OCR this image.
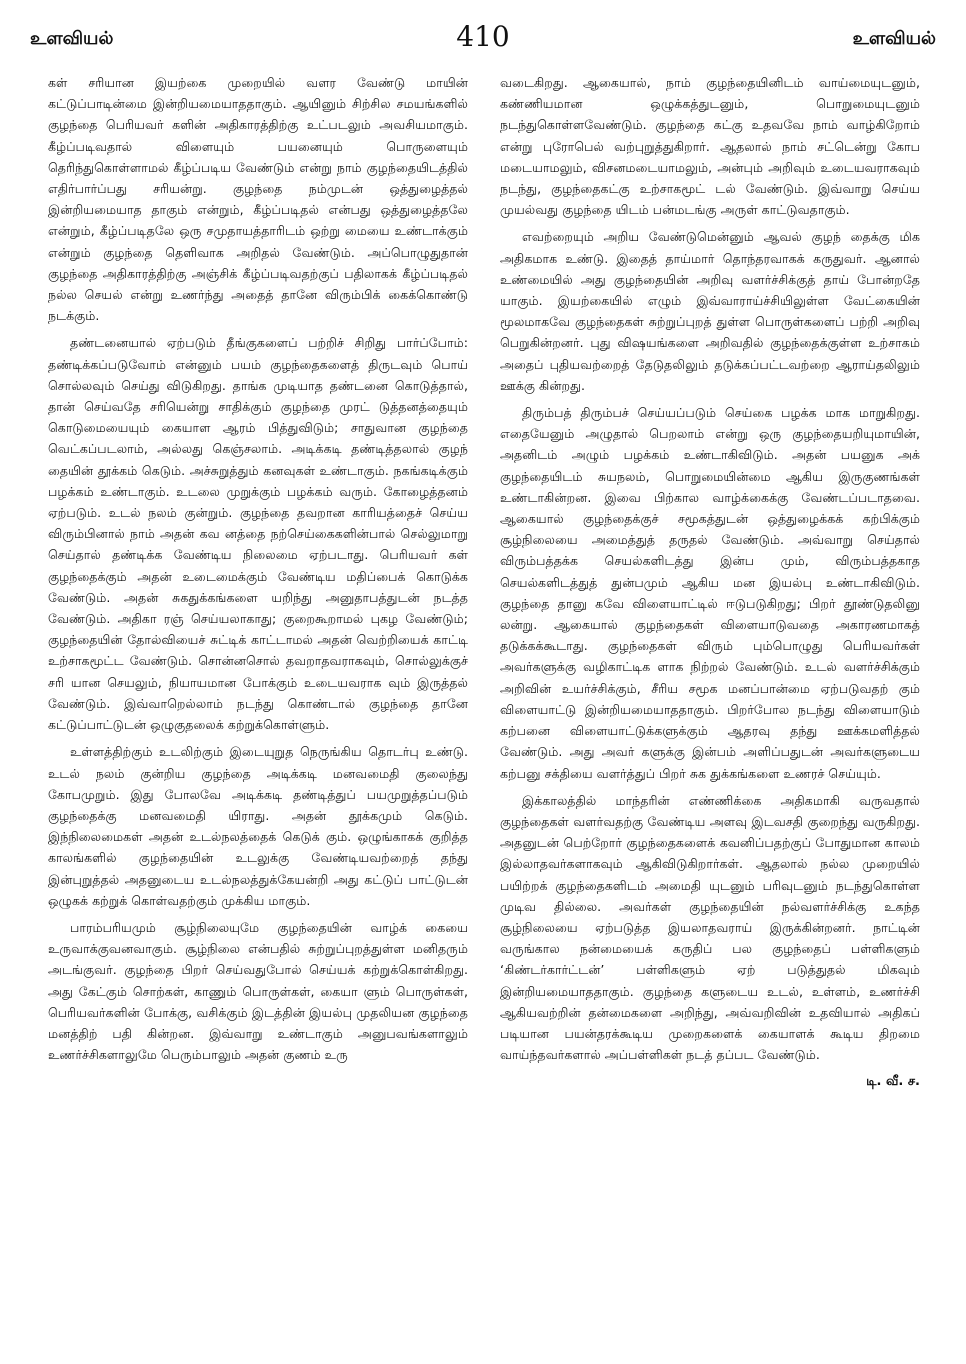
உளவியல்	410	உளவியல்

கள் சரியான இயற்கை முறையில் வளர வேண்டு மாயின் கட்டுப்பாடின்மை இன்றியமையாததாகும். ஆயினும் சிற்சில சமயங்களில் குழந்தை பெரியவர் களின் அதிகாரத்திற்கு உட்படலும் அவசியமாகும். கீழ்ப்படிவதால் விளையும் பயனையும் பொருளையும் தெரிந்துகொள்ளாமல் கீழ்ப்படிய வேண்டும் என்று நாம் குழந்தையிடத்தில் எதிர்பார்ப்பது சரியன்று. குழந்தை நம்முடன் ஒத்துழைத்தல் இன்றியமையாத தாகும் என்றும், கீழ்ப்படிதல் என்பது ஒத்துழைத்தலே என்றும், கீழ்ப்படிதலே ஒரு சமுதாயத்தாரிடம் ஒற்று மையை உண்டாக்கும் என்றும் குழந்தை தெளிவாக அறிதல் வேண்டும். அப்பொழுதுதான் குழந்தை அதிகாரத்திற்கு அஞ்சிக் கீழ்ப்படிவதற்குப் பதிலாகக் கீழ்ப்படிதல் நல்ல செயல் என்று உணர்ந்து அதைத் தானே விரும்பிக் கைக்கொண்டு நடக்கும்.

தண்டனையால் ஏற்படும் தீங்குகளைப் பற்றிச் சிறிது பார்ப்போம்: தண்டிக்கப்படுவோம் என்னும் பயம் குழந்தைகளைத் திருடவும் பொய் சொல்லவும் செய்து விடுகிறது. தாங்க முடியாத தண்டனை கொடுத்தால், தான் செய்வதே சரியென்று சாதிக்கும் குழந்தை முரட் டுத்தனத்தையும் கொடுமையையும் கையாள ஆரம் பித்துவிடும்; சாதுவான குழந்தை வெட்கப்படலாம், அல்லது கெஞ்சலாம். அடிக்கடி தண்டித்தலால் குழந் தையின் தூக்கம் கெடும். அச்சுறுத்தும் கனவுகள் உண்டாகும். நகங்கடிக்கும் பழக்கம் உண்டாகும். உடலை முறுக்கும் பழக்கம் வரும். கோழைத்தனம் ஏற்படும். உடல் நலம் குன்றும். குழந்தை தவறான காரியத்தைச் செய்ய விரும்பினால் நாம் அதன் கவ னத்தை நற்செய்கைகளின்பால் செல்லுமாறு செய்தால் தண்டிக்க வேண்டிய நிலைமை ஏற்படாது. பெரியவர் கள் குழந்தைக்கும் அதன் உடைமைக்கும் வேண்டிய மதிப்பைக் கொடுக்க வேண்டும். அதன் சுகதுக்கங்களை யறிந்து அனுதாபத்துடன் நடத்த வேண்டும். அதிகா ரஞ் செய்யலாகாது; குறைகூறாமல் புகழ வேண்டும்; குழந்தையின் தோல்வியைச் சுட்டிக் காட்டாமல் அதன் வெற்றியைக் காட்டி உற்சாகமூட்ட வேண்டும். சொன்னசொல் தவறாதவராகவும், சொல்லுக்குச் சரி யான செயலும், நியாயமான போக்கும் உடையவராக வும் இருத்தல் வேண்டும். இவ்வாறெல்லாம் நடந்து கொண்டால் குழந்தை தானே கட்டுப்பாட்டுடன் ஒழுகுதலைக் கற்றுக்கொள்ளும்.

உள்ளத்திற்கும் உடலிற்கும் இடையுறுத நெருங்கிய தொடர்பு உண்டு. உடல் நலம் குன்றிய குழந்தை அடிக்கடி மனவமைதி குலைந்து கோபமுறும். இது போலவே அடிக்கடி தண்டித்துப் பயமுறுத்தப்படும் குழந்தைக்கு மனவமைதி யிராது. அதன் தூக்கமும் கெடும். இந்நிலைமைகள் அதன் உடல்நலத்தைக் கெடுக் கும். ஒழுங்காகக் குறித்த காலங்களில் குழந்தையின் உடலுக்கு வேண்டியவற்றைத் தந்து இன்புறுத்தல் அதனுடைய உடல்நலத்துக்கேயன்றி அது கட்டுப் பாட்டுடன் ஒழுகக் கற்றுக் கொள்வதற்கும் முக்கிய மாகும்.

பாரம்பரியமும் சூழ்நிலையுமே குழந்தையின் வாழ்க் கையை உருவாக்குவனவாகும். சூழ்நிலை என்பதில் சுற்றுப்புறத்துள்ள மனிதரும் அடங்குவர். குழந்தை பிறர் செய்வதுபோல் செய்யக் கற்றுக்கொள்கிறது. அது கேட்கும் சொற்கள், காணும் பொருள்கள், கையா ளும் பொருள்கள், பெரியவர்களின் போக்கு, வசிக்கும் இடத்தின் இயல்பு முதலியன குழந்தை மனத்திற் பதி கின்றன. இவ்வாறு உண்டாகும் அனுபவங்களாலும் உணர்ச்சிகளாலுமே பெரும்பாலும் அதன் குணம் உரு

வடைகிறது. ஆகையால், நாம் குழந்தையினிடம் வாய்மையுடனும், கண்ணியமான ஒழுக்கத்துடனும், பொறுமையுடனும் நடந்துகொள்ளவேண்டும். குழந்தை கட்கு உதவவே நாம் வாழ்கிறோம் என்று புரோபெல் வற்புறுத்துகிறார். ஆதலால் நாம் சட்டென்று கோப மடையாமலும், விசனமடையாமலும், அன்பும் அறிவும் உடையவராகவும் நடந்து, குழந்தைகட்கு உற்சாகமூட் டல் வேண்டும். இவ்வாறு செய்ய முயல்வது குழந்தை யிடம் பன்மடங்கு அருள் காட்டுவதாகும்.

எவற்றையும் அறிய வேண்டுமென்னும் ஆவல் குழந் தைக்கு மிக அதிகமாக உண்டு. இதைத் தாய்மார் தொந்தரவாகக் கருதுவர். ஆனால் உண்மையில் அது குழந்தையின் அறிவு வளர்ச்சிக்குத் தாய் போன்றதே யாகும். இயற்கையில் எழும் இவ்வாராய்ச்சியிலுள்ள வேட்கையின் மூலமாகவே குழந்தைகள் சுற்றுப்புறத் துள்ள பொருள்களைப் பற்றி அறிவு பெறுகின்றனர். புது விஷயங்களை அறிவதில் குழந்தைக்குள்ள உற்சாகம் அதைப் புதியவற்றைத் தேடுதலிலும் தடுக்கப்பட்டவற்றை ஆராய்தலிலும் ஊக்கு கின்றது.

திரும்பத் திரும்பச் செய்யப்படும் செய்கை பழக்க மாக மாறுகிறது. எதையேனும் அழுதால் பெறலாம் என்று ஒரு குழந்தையறியுமாயின், அதனிடம் அழும் பழக்கம் உண்டாகிவிடும். அதன் பயனுக அக் குழந்தையிடம் சுயநலம், பொறுமையின்மை ஆகிய இருகுணங்கள் உண்டாகின்றன. இவை பிற்கால வாழ்க்கைக்கு வேண்டப்படாதவை. ஆகையால் குழந்தைக்குச் சமூகத்துடன் ஒத்துழைக்கக் கற்பிக்கும் சூழ்நிலையை அமைத்துத் தருதல் வேண்டும். அவ்வாறு செய்தால் விரும்பத்தக்க செயல்களிடத்து இன்ப மும், விரும்பத்தகாத செயல்களிடத்துத் துன்பமும் ஆகிய மன இயல்பு உண்டாகிவிடும். குழந்தை தானு கவே விளையாட்டில் ஈடுபடுகிறது; பிறர் தூண்டுதலினு லன்று. ஆகையால் குழந்தைகள் விளையாடுவதை அகாரணமாகத் தடுக்கக்கூடாது. குழந்தைகள் விரும் பும்பொழுது பெரியவர்கள் அவர்களுக்கு வழிகாட்டிக ளாக நிற்றல் வேண்டும். உடல் வளர்ச்சிக்கும் அறிவின் உயர்ச்சிக்கும், சீரிய சமூக மனப்பான்மை ஏற்படுவதற் கும் விளையாட்டு இன்றியமையாததாகும். பிறர்போல நடந்து விளையாடும் கற்பனை விளையாட்டுக்களுக்கும் ஆதரவு தந்து ஊக்கமளித்தல் வேண்டும். அது அவர் களுக்கு இன்பம் அளிப்பதுடன் அவர்களுடைய கற்பனு சக்தியை வளர்த்துப் பிறர் சுக துக்கங்களை உணரச் செய்யும்.

இக்காலத்தில் மாந்தரின் எண்ணிக்கை அதிகமாகி வருவதால் குழந்தைகள் வளர்வதற்கு வேண்டிய அளவு இடவசதி குறைந்து வருகிறது. அதனுடன் பெற்றோர் குழந்தைகளைக் கவனிப்பதற்குப் போதுமான காலம் இல்லாதவர்களாகவும் ஆகிவிடுகிறார்கள். ஆதலால் நல்ல முறையில் பயிற்றக் குழந்தைகளிடம் அமைதி யுடனும் பரிவுடனும் நடந்துகொள்ள முடிவ தில்லை. அவர்கள் குழந்தையின் நல்வளர்ச்சிக்கு உகந்த சூழ்நிலையை ஏற்படுத்த இயலாதவராய் இருக்கின்றனர். நாட்டின் வருங்கால நன்மையைக் கருதிப் பல குழந்தைப் பள்ளிகளும் ‘கிண்டர்கார்ட்டன்’ பள்ளிகளும் ஏற் படுத்துதல் மிகவும் இன்றியமையாததாகும். குழந்தை களுடைய உடல், உள்ளம், உணர்ச்சி ஆகியவற்றின் தன்மைகளை அறிந்து, அவ்வறிவின் உதவியால் அதிகப் படியான பயன்தரக்கூடிய முறைகளைக் கையாளக் கூடிய திறமை வாய்ந்தவர்களால் அப்பள்ளிகள் நடத் தப்பட வேண்டும்.

டி. வீ. ச.
